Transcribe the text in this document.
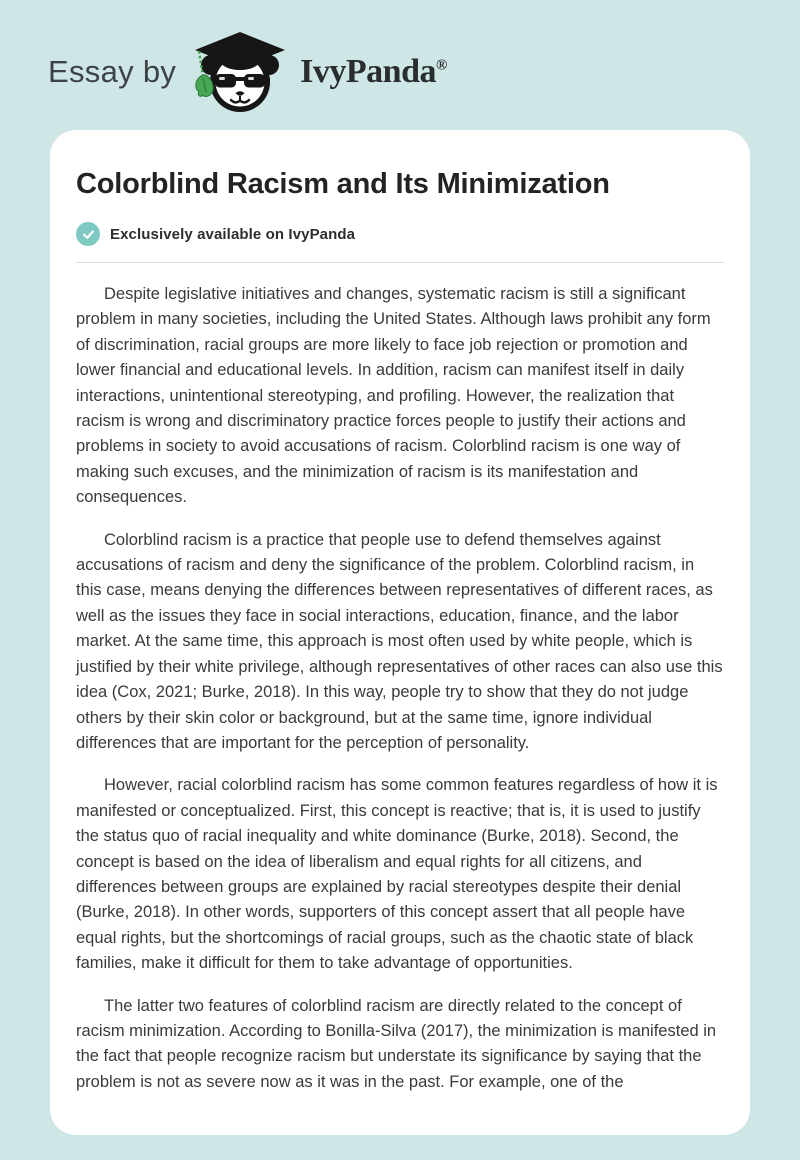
Essay by	IvyPanda®
Colorblind Racism and Its Minimization
Exclusively available on IvyPanda

Despite legislative initiatives and changes, systematic racism is still a significant problem in many societies, including the United States. Although laws prohibit any form of discrimination, racial groups are more likely to face job rejection or promotion and lower financial and educational levels. In addition, racism can manifest itself in daily interactions, unintentional stereotyping, and profiling. However, the realization that racism is wrong and discriminatory practice forces people to justify their actions and problems in society to avoid accusations of racism. Colorblind racism is one way of making such excuses, and the minimization of racism is its manifestation and consequences.

Colorblind racism is a practice that people use to defend themselves against accusations of racism and deny the significance of the problem. Colorblind racism, in this case, means denying the differences between representatives of different races, as well as the issues they face in social interactions, education, finance, and the labor market. At the same time, this approach is most often used by white people, which is justified by their white privilege, although representatives of other races can also use this idea (Cox, 2021; Burke, 2018). In this way, people try to show that they do not judge others by their skin color or background, but at the same time, ignore individual differences that are important for the perception of personality.

However, racial colorblind racism has some common features regardless of how it is manifested or conceptualized. First, this concept is reactive; that is, it is used to justify the status quo of racial inequality and white dominance (Burke, 2018). Second, the concept is based on the idea of liberalism and equal rights for all citizens, and differences between groups are explained by racial stereotypes despite their denial (Burke, 2018). In other words, supporters of this concept assert that all people have equal rights, but the shortcomings of racial groups, such as the chaotic state of black families, make it difficult for them to take advantage of opportunities.

The latter two features of colorblind racism are directly related to the concept of racism minimization. According to Bonilla-Silva (2017), the minimization is manifested in the fact that people recognize racism but understate its significance by saying that the problem is not as severe now as it was in the past. For example, one of the
